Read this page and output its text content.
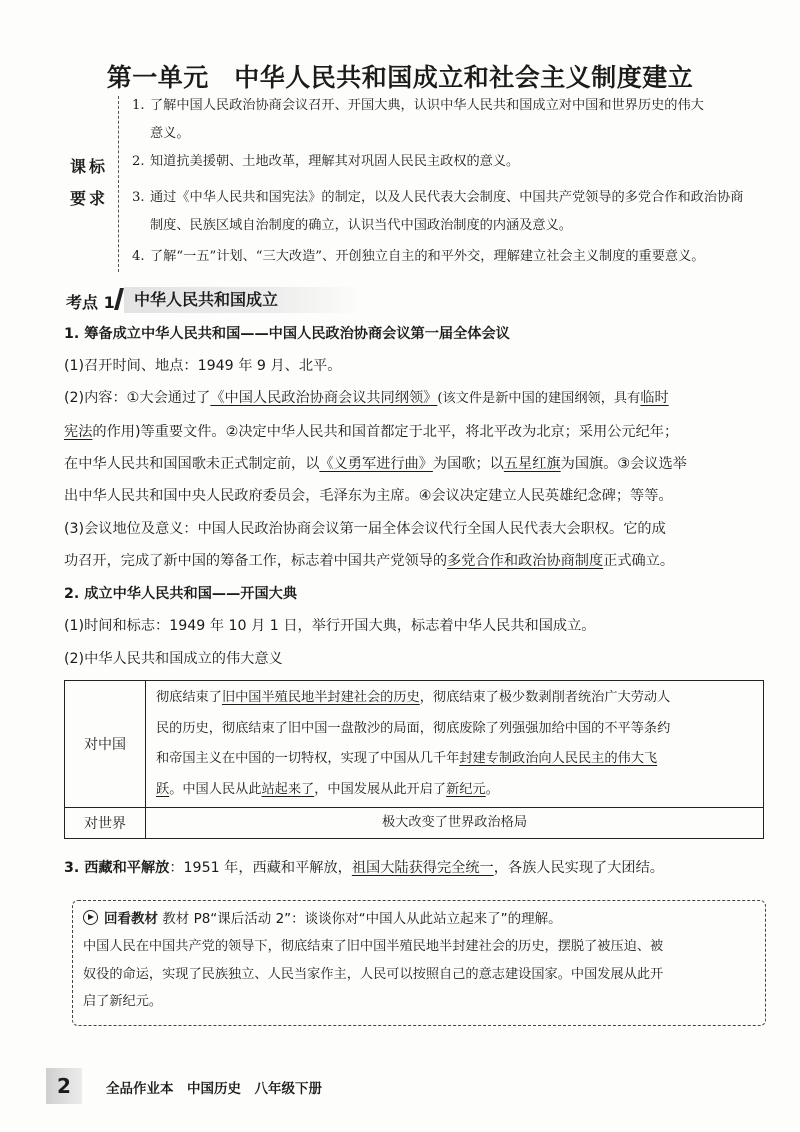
第一单元　中华人民共和国成立和社会主义制度建立
课标
要求
1. 了解中国人民政治协商会议召开、开国大典，认识中华人民共和国成立对中国和世界历史的伟大
意义。
2. 知道抗美援朝、土地改革，理解其对巩固人民民主政权的意义。
3. 通过《中华人民共和国宪法》的制定，以及人民代表大会制度、中国共产党领导的多党合作和政治协商
制度、民族区域自治制度的确立，认识当代中国政治制度的内涵及意义。
4. 了解“一五”计划、“三大改造”、开创独立自主的和平外交，理解建立社会主义制度的重要意义。
考点 1	中华人民共和国成立
1. 筹备成立中华人民共和国——中国人民政治协商会议第一届全体会议
(1)召开时间、地点：1949 年 9 月、北平。
(2)内容：①大会通过了《中国人民政治协商会议共同纲领》(该文件是新中国的建国纲领，具有临时
宪法的作用)等重要文件。②决定中华人民共和国首都定于北平，将北平改为北京；采用公元纪年；
在中华人民共和国国歌未正式制定前，以《义勇军进行曲》为国歌；以五星红旗为国旗。③会议选举
出中华人民共和国中央人民政府委员会，毛泽东为主席。④会议决定建立人民英雄纪念碑；等等。
(3)会议地位及意义：中国人民政治协商会议第一届全体会议代行全国人民代表大会职权。它的成
功召开，完成了新中国的筹备工作，标志着中国共产党领导的多党合作和政治协商制度正式确立。
2. 成立中华人民共和国——开国大典
(1)时间和标志：1949 年 10 月 1 日，举行开国大典，标志着中华人民共和国成立。
(2)中华人民共和国成立的伟大意义
对中国	彻底结束了旧中国半殖民地半封建社会的历史，彻底结束了极少数剥削者统治广大劳动人
民的历史，彻底结束了旧中国一盘散沙的局面，彻底废除了列强强加给中国的不平等条约
和帝国主义在中国的一切特权，实现了中国从几千年封建专制政治向人民民主的伟大飞
跃。中国人民从此站起来了，中国发展从此开启了新纪元。

对世界	极大改变了世界政治格局
3. 西藏和平解放：1951 年，西藏和平解放，祖国大陆获得完全统一，各族人民实现了大团结。
回看教材 教材 P8“课后活动 2”：谈谈你对“中国人从此站立起来了”的理解。
中国人民在中国共产党的领导下，彻底结束了旧中国半殖民地半封建社会的历史，摆脱了被压迫、被
奴役的命运，实现了民族独立、人民当家作主，人民可以按照自己的意志建设国家。中国发展从此开
启了新纪元。
2	全品作业本　中国历史　八年级下册
